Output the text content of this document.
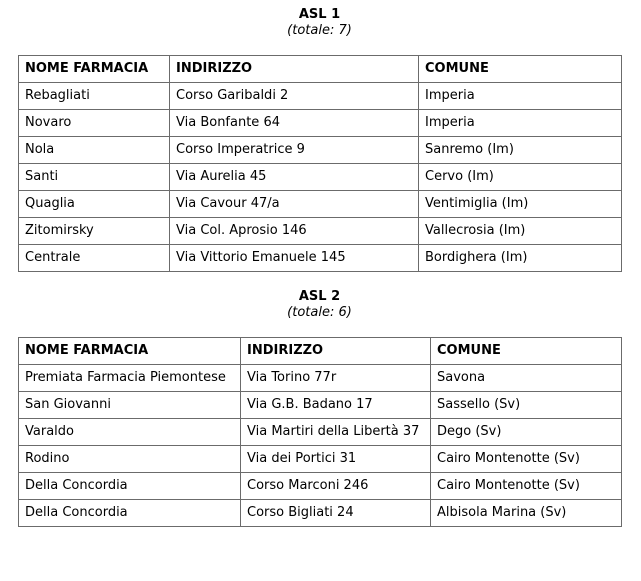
ASL 1

(totale: 7)

NOME FARMACIA	INDIRIZZO	COMUNE
Rebagliati	Corso Garibaldi 2	Imperia
Novaro	Via Bonfante 64	Imperia
Nola	Corso Imperatrice 9	Sanremo (Im)
Santi	Via Aurelia 45	Cervo (Im)
Quaglia	Via Cavour 47/a	Ventimiglia (Im)
Zitomirsky	Via Col. Aprosio 146	Vallecrosia (Im)
Centrale	Via Vittorio Emanuele 145	Bordighera (Im)

ASL 2

(totale: 6)

NOME FARMACIA	INDIRIZZO	COMUNE
Premiata Farmacia Piemontese	Via Torino 77r	Savona
San Giovanni	Via G.B. Badano 17	Sassello (Sv)
Varaldo	Via Martiri della Libertà 37	Dego (Sv)
Rodino	Via dei Portici 31	Cairo Montenotte (Sv)
Della Concordia	Corso Marconi 246	Cairo Montenotte (Sv)
Della Concordia	Corso Bigliati 24	Albisola Marina (Sv)
